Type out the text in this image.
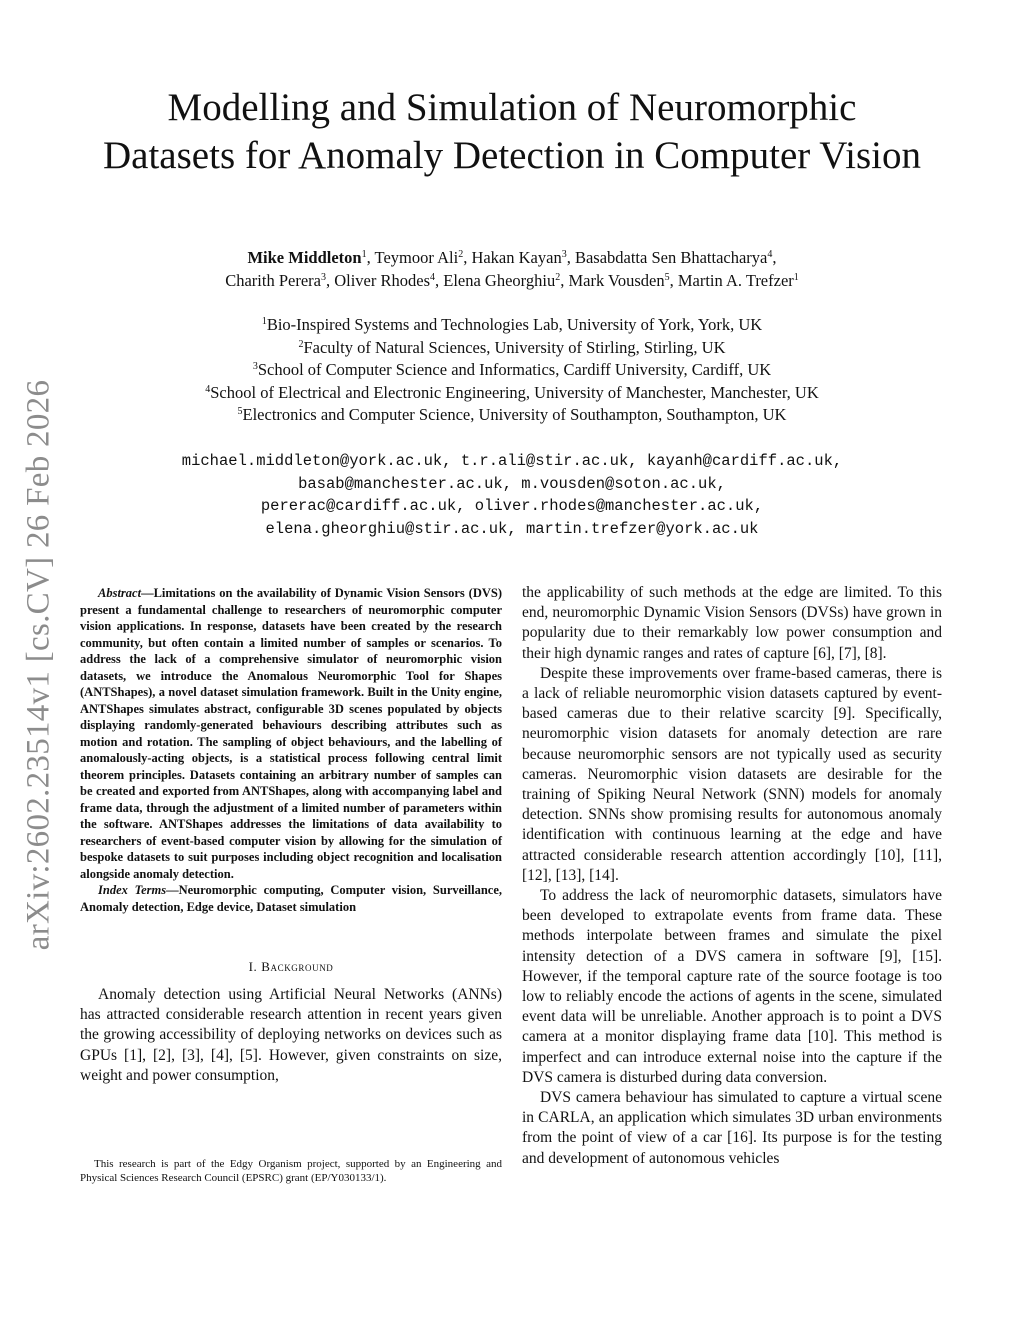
arXiv:2602.23514v1 [cs.CV] 26 Feb 2026
Modelling and Simulation of Neuromorphic Datasets for Anomaly Detection in Computer Vision
Mike Middleton$^1$, Teymoor Ali$^2$, Hakan Kayan$^3$, Basabdatta Sen Bhattacharya$^4$,
Charith Perera$^3$, Oliver Rhodes$^4$, Elena Gheorghiu$^2$, Mark Vousden$^5$, Martin A. Trefzer$^1$
$^1$Bio-Inspired Systems and Technologies Lab, University of York, York, UK
$^2$Faculty of Natural Sciences, University of Stirling, Stirling, UK
$^3$School of Computer Science and Informatics, Cardiff University, Cardiff, UK
$^4$School of Electrical and Electronic Engineering, University of Manchester, Manchester, UK
$^5$Electronics and Computer Science, University of Southampton, Southampton, UK
michael.middleton@york.ac.uk, t.r.ali@stir.ac.uk, kayanh@cardiff.ac.uk,
basab@manchester.ac.uk, m.vousden@soton.ac.uk,
pererac@cardiff.ac.uk, oliver.rhodes@manchester.ac.uk,
elena.gheorghiu@stir.ac.uk, martin.trefzer@york.ac.uk

Abstract—Limitations on the availability of Dynamic Vision Sensors (DVS) present a fundamental challenge to researchers of neuromorphic computer vision applications. In response, datasets have been created by the research community, but often contain a limited number of samples or scenarios. To address the lack of a comprehensive simulator of neuromorphic vision datasets, we introduce the Anomalous Neuromorphic Tool for Shapes (ANTShapes), a novel dataset simulation framework. Built in the Unity engine, ANTShapes simulates abstract, configurable 3D scenes populated by objects displaying randomly-generated behaviours describing attributes such as motion and rotation. The sampling of object behaviours, and the labelling of anomalously-acting objects, is a statistical process following central limit theorem principles. Datasets containing an arbitrary number of samples can be created and exported from ANTShapes, along with accompanying label and frame data, through the adjustment of a limited number of parameters within the software. ANTShapes addresses the limitations of data availability to researchers of event-based computer vision by allowing for the simulation of bespoke datasets to suit purposes including object recognition and localisation alongside anomaly detection.

Index Terms—Neuromorphic computing, Computer vision, Surveillance, Anomaly detection, Edge device, Dataset simulation

I. Background

Anomaly detection using Artificial Neural Networks (ANNs) has attracted considerable research attention in recent years given the growing accessibility of deploying networks on devices such as GPUs [1], [2], [3], [4], [5]. However, given constraints on size, weight and power consumption,

This research is part of the Edgy Organism project, supported by an Engineering and Physical Sciences Research Council (EPSRC) grant (EP/Y030133/1).

the applicability of such methods at the edge are limited. To this end, neuromorphic Dynamic Vision Sensors (DVSs) have grown in popularity due to their remarkably low power consumption and their high dynamic ranges and rates of capture [6], [7], [8].

Despite these improvements over frame-based cameras, there is a lack of reliable neuromorphic vision datasets captured by event-based cameras due to their relative scarcity [9]. Specifically, neuromorphic vision datasets for anomaly detection are rare because neuromorphic sensors are not typically used as security cameras. Neuromorphic vision datasets are desirable for the training of Spiking Neural Network (SNN) models for anomaly detection. SNNs show promising results for autonomous anomaly identification with continuous learning at the edge and have attracted considerable research attention accordingly [10], [11], [12], [13], [14].

To address the lack of neuromorphic datasets, simulators have been developed to extrapolate events from frame data. These methods interpolate between frames and simulate the pixel intensity detection of a DVS camera in software [9], [15]. However, if the temporal capture rate of the source footage is too low to reliably encode the actions of agents in the scene, simulated event data will be unreliable. Another approach is to point a DVS camera at a monitor displaying frame data [10]. This method is imperfect and can introduce external noise into the capture if the DVS camera is disturbed during data conversion.

DVS camera behaviour has simulated to capture a virtual scene in CARLA, an application which simulates 3D urban environments from the point of view of a car [16]. Its purpose is for the testing and development of autonomous vehicles
